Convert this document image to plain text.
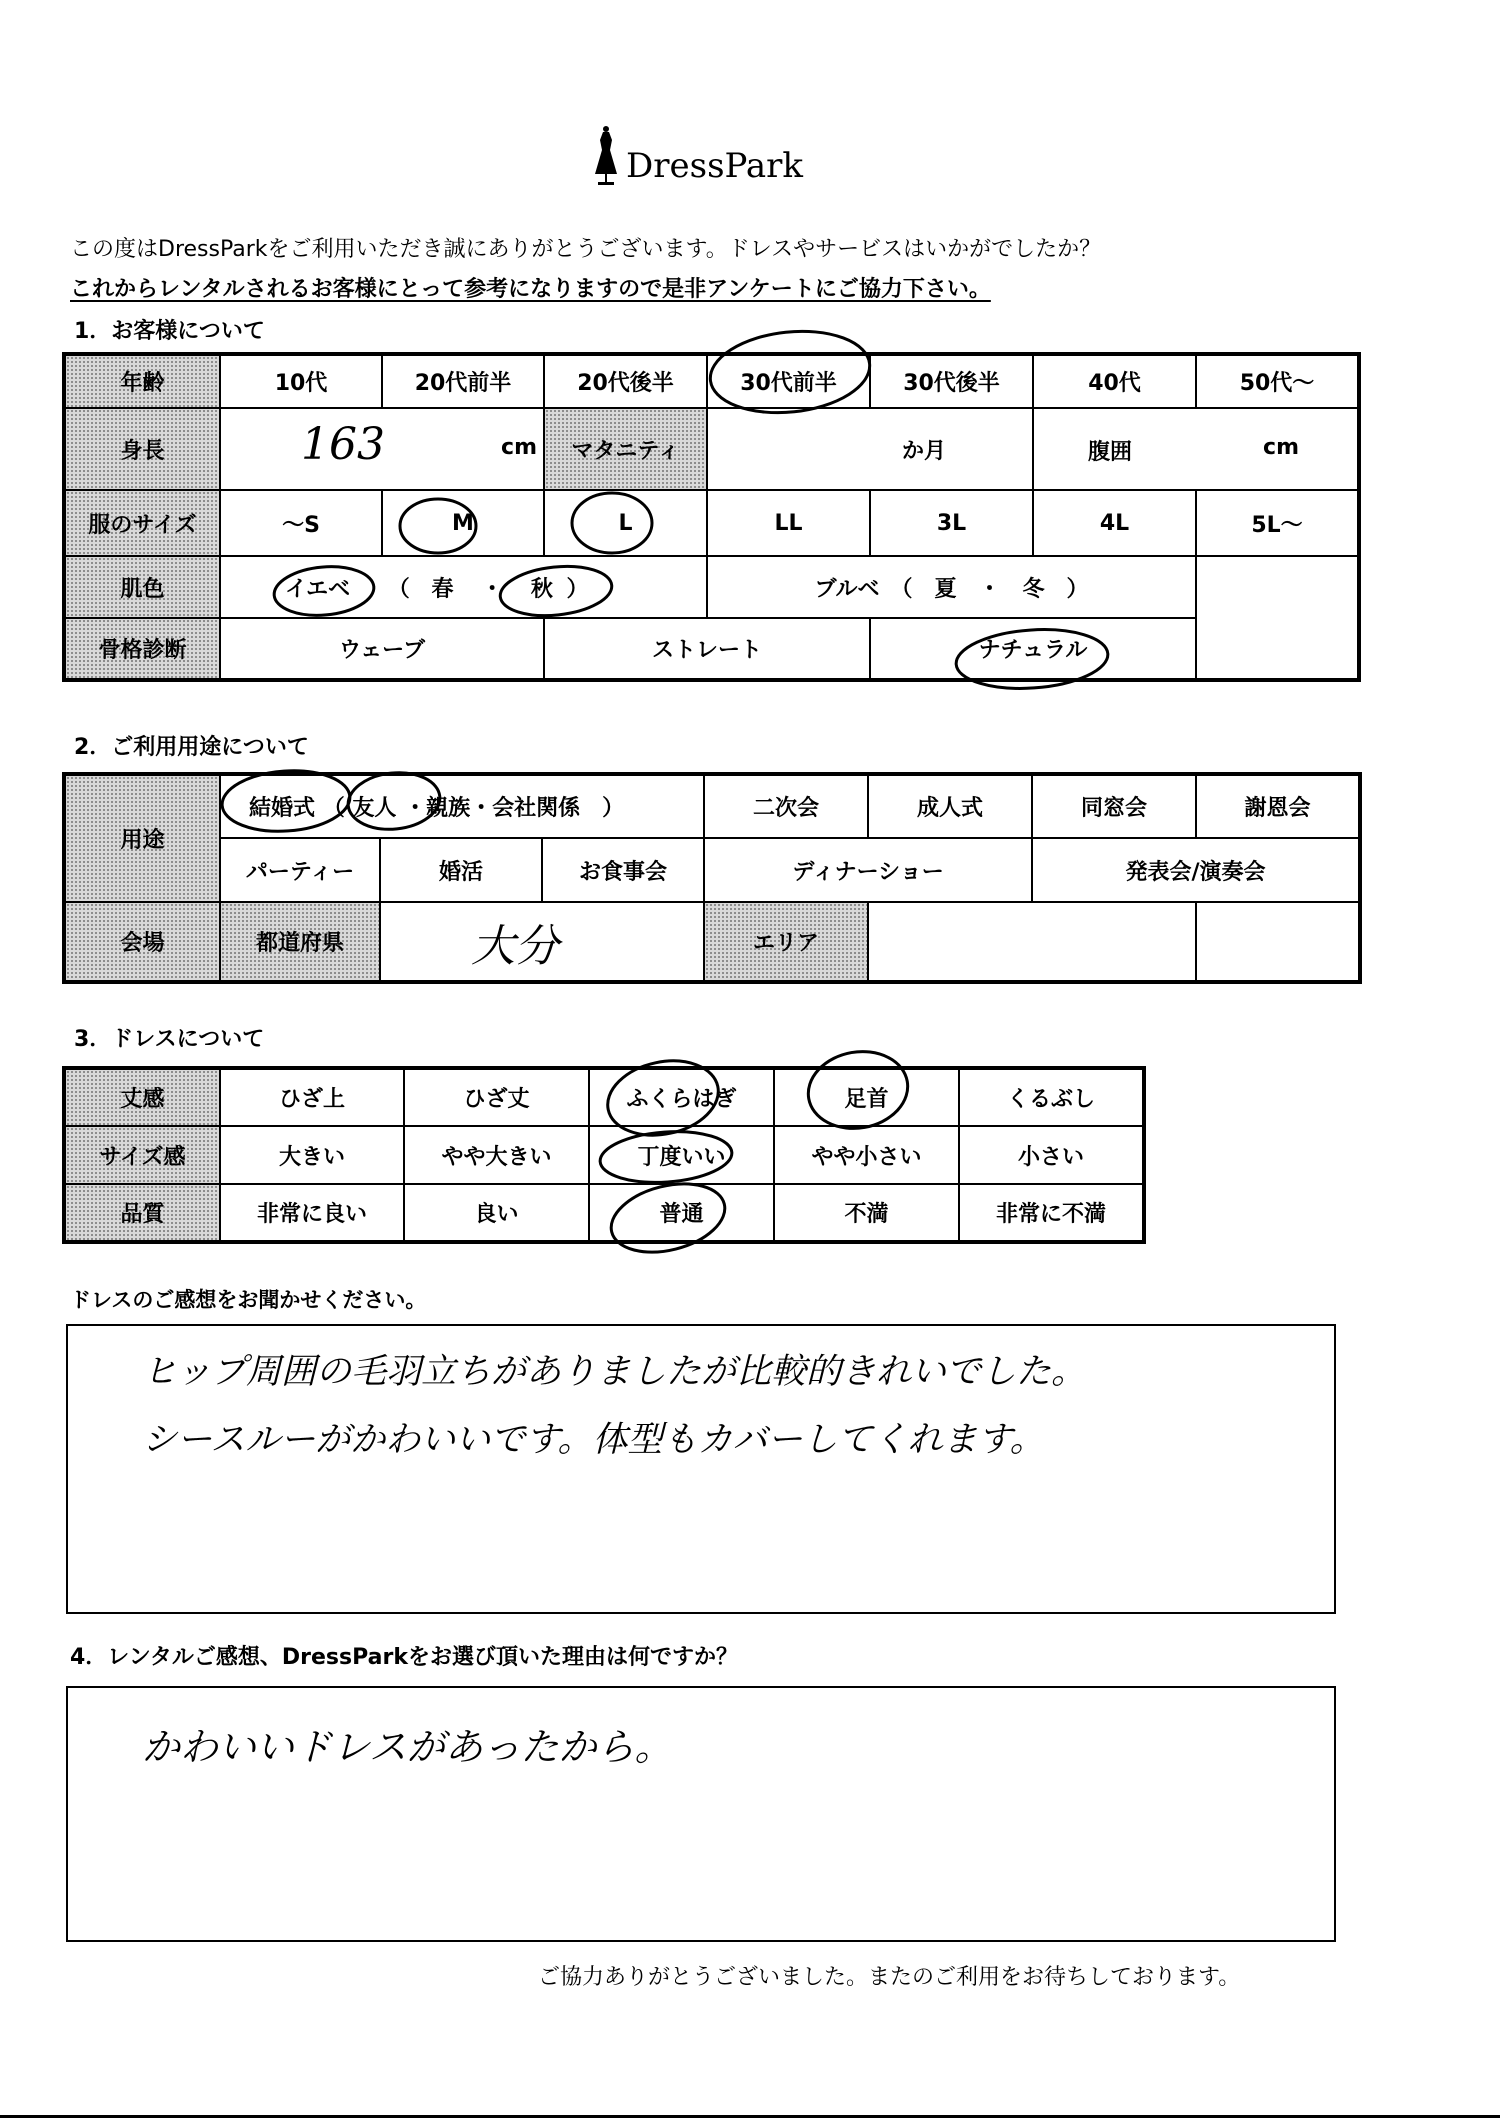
DressPark
この度はDressParkをご利用いただき誠にありがとうございます。ドレスやサービスはいかがでしたか？
これからレンタルされるお客様にとって参考になりますので是非アンケートにご協力下さい。
1．お客様について
年齢	10代	20代前半	20代後半	30代前半	30代後半	40代	50代～
身長	163 cm		マタニティ	か月		腹囲 cm	

服のサイズ	～S	M	L	LL	3L	4L	5L～
肌色	イエベ （ 春 ・ 秋 ）			ブルベ　（　夏　・　冬　）			
骨格診断	ウェーブ		ストレート		ナチュラル		
2．ご利用用途について
用途	結婚式 （ 友人 ・親族・会社関係　）			二次会	成人式	同窓会	謝恩会
	パーティー	婚活	お食事会	ディナーショー		発表会/演奏会	
会場	都道府県	大分		エリア			
3．ドレスについて
丈感	ひざ上	ひざ丈	ふくらはぎ	足首	くるぶし
サイズ感	大きい	やや大きい	丁度いい	やや小さい	小さい
品質	非常に良い	良い	普通	不満	非常に不満
ドレスのご感想をお聞かせください。
ヒップ周囲の毛羽立ちがありましたが比較的きれいでした。
シースルーがかわいいです。体型もカバーしてくれます。
4．レンタルご感想、DressParkをお選び頂いた理由は何ですか？
かわいいドレスがあったから。
ご協力ありがとうございました。またのご利用をお待ちしております。
